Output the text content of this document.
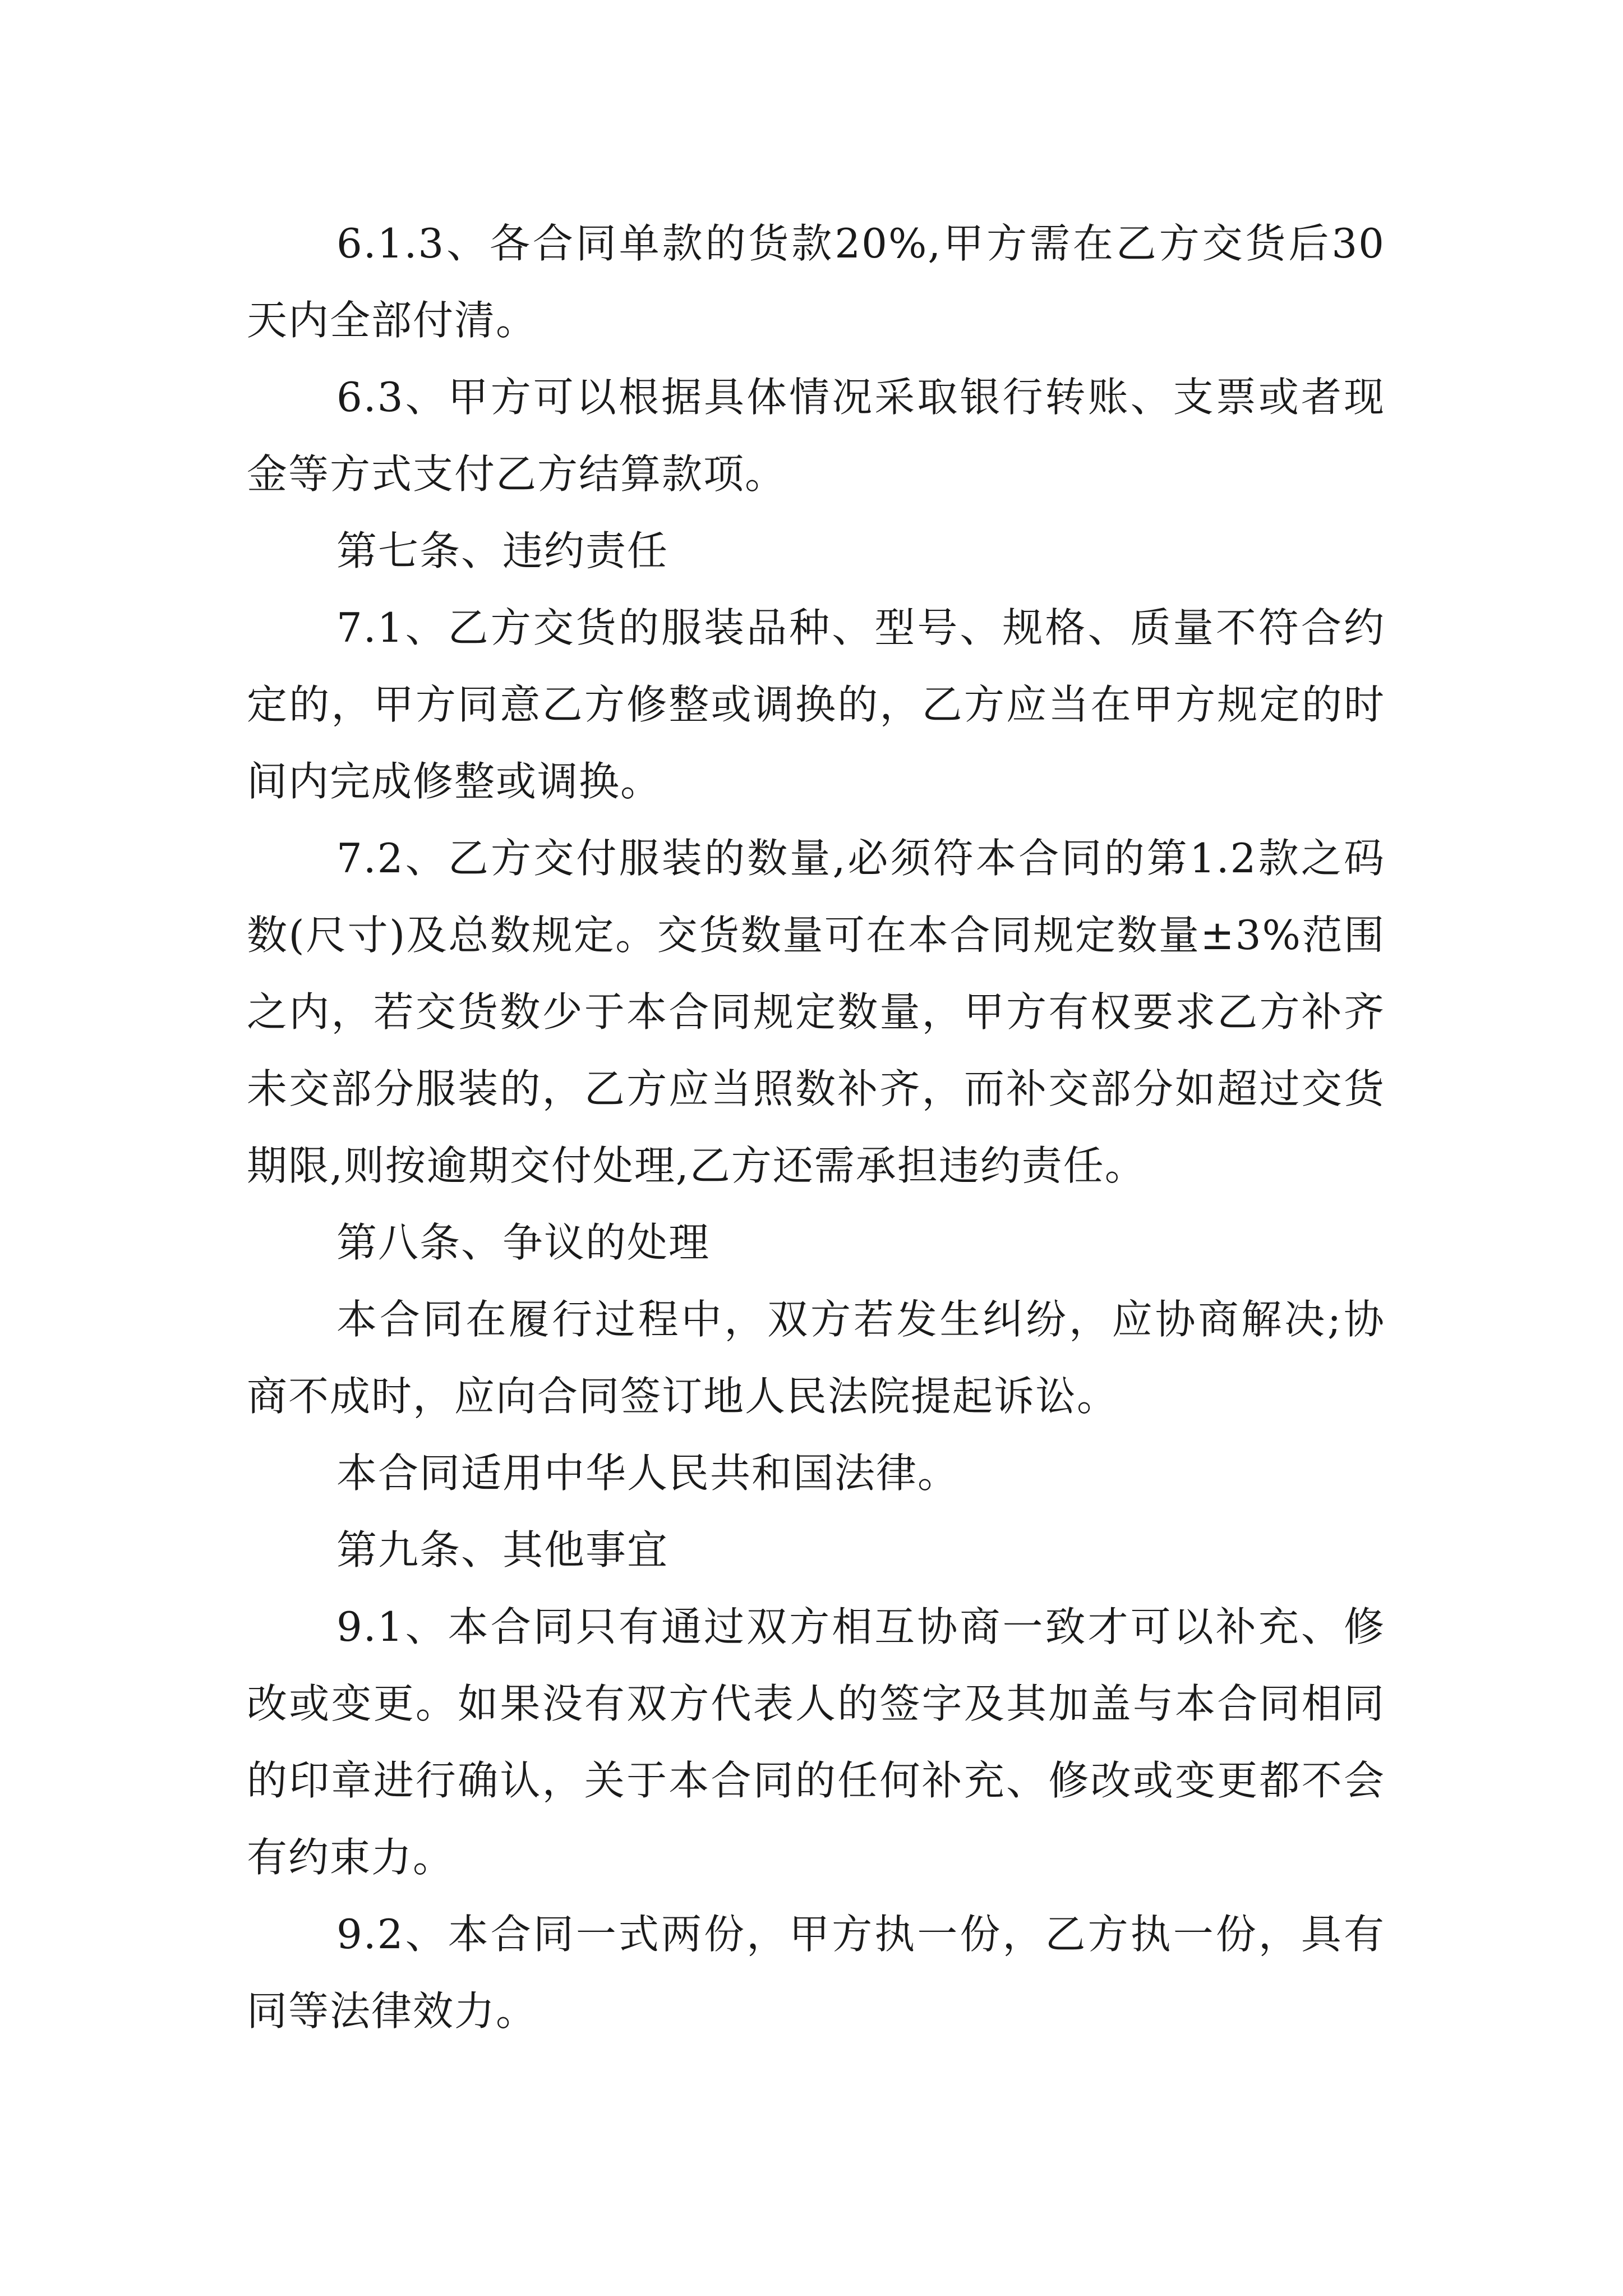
6.1.3、各合同单款的货款20%,甲方需在乙方交货后30天内全部付清。

6.3、甲方可以根据具体情况采取银行转账、支票或者现金等方式支付乙方结算款项。

第七条、违约责任

7.1、乙方交货的服装品种、型号、规格、质量不符合约定的，甲方同意乙方修整或调换的，乙方应当在甲方规定的时间内完成修整或调换。

7.2、乙方交付服装的数量,必须符本合同的第1.2款之码数(尺寸)及总数规定。交货数量可在本合同规定数量±3%范围之内，若交货数少于本合同规定数量，甲方有权要求乙方补齐未交部分服装的，乙方应当照数补齐，而补交部分如超过交货期限,则按逾期交付处理,乙方还需承担违约责任。

第八条、争议的处理

本合同在履行过程中，双方若发生纠纷，应协商解决;协商不成时，应向合同签订地人民法院提起诉讼。

本合同适用中华人民共和国法律。

第九条、其他事宜

9.1、本合同只有通过双方相互协商一致才可以补充、修改或变更。如果没有双方代表人的签字及其加盖与本合同相同的印章进行确认，关于本合同的任何补充、修改或变更都不会有约束力。

9.2、本合同一式两份，甲方执一份，乙方执一份，具有同等法律效力。
